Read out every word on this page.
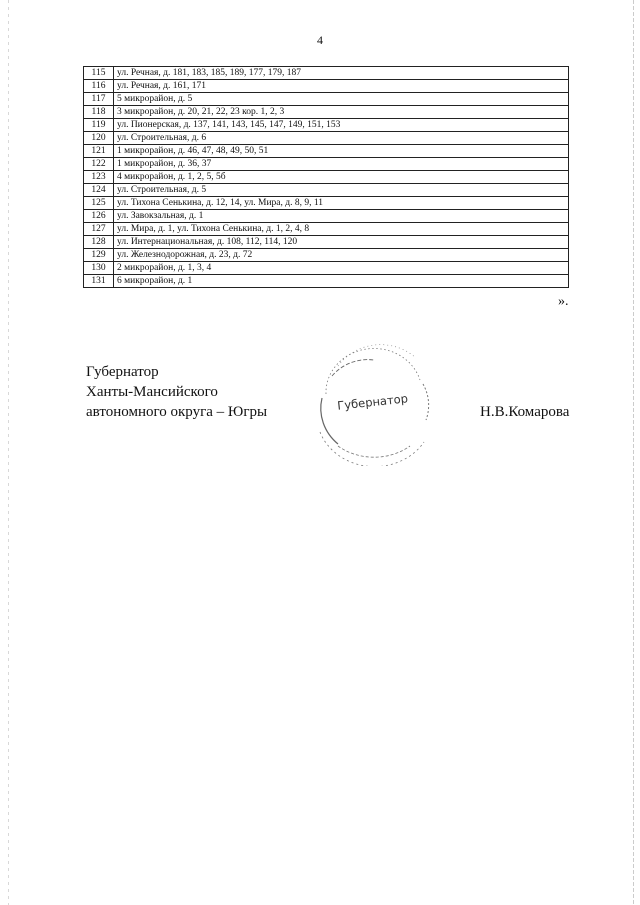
4
115	ул. Речная, д. 181, 183, 185, 189, 177, 179, 187
116	ул. Речная, д. 161, 171
117	5 микрорайон, д. 5
118	3 микрорайон, д. 20, 21, 22, 23 кор. 1, 2, 3
119	ул. Пионерская, д. 137, 141, 143, 145, 147, 149, 151, 153
120	ул. Строительная, д. 6
121	1 микрорайон, д. 46, 47, 48, 49, 50, 51
122	1 микрорайон, д. 36, 37
123	4 микрорайон, д. 1, 2, 5, 5б
124	ул. Строительная, д. 5
125	ул. Тихона Сенькина, д. 12, 14, ул. Мира, д. 8, 9, 11
126	ул. Завокзальная, д. 1
127	ул. Мира, д. 1, ул. Тихона Сенькина, д. 1, 2, 4, 8
128	ул. Интернациональная, д. 108, 112, 114, 120
129	ул. Железнодорожная, д. 23, д. 72
130	2 микрорайон, д. 1, 3, 4
131	6 микрорайон, д. 1
».
Губернатор
Ханты-Мансийского
автономного округа – Югры	Губернатор	Н.В.Комарова
